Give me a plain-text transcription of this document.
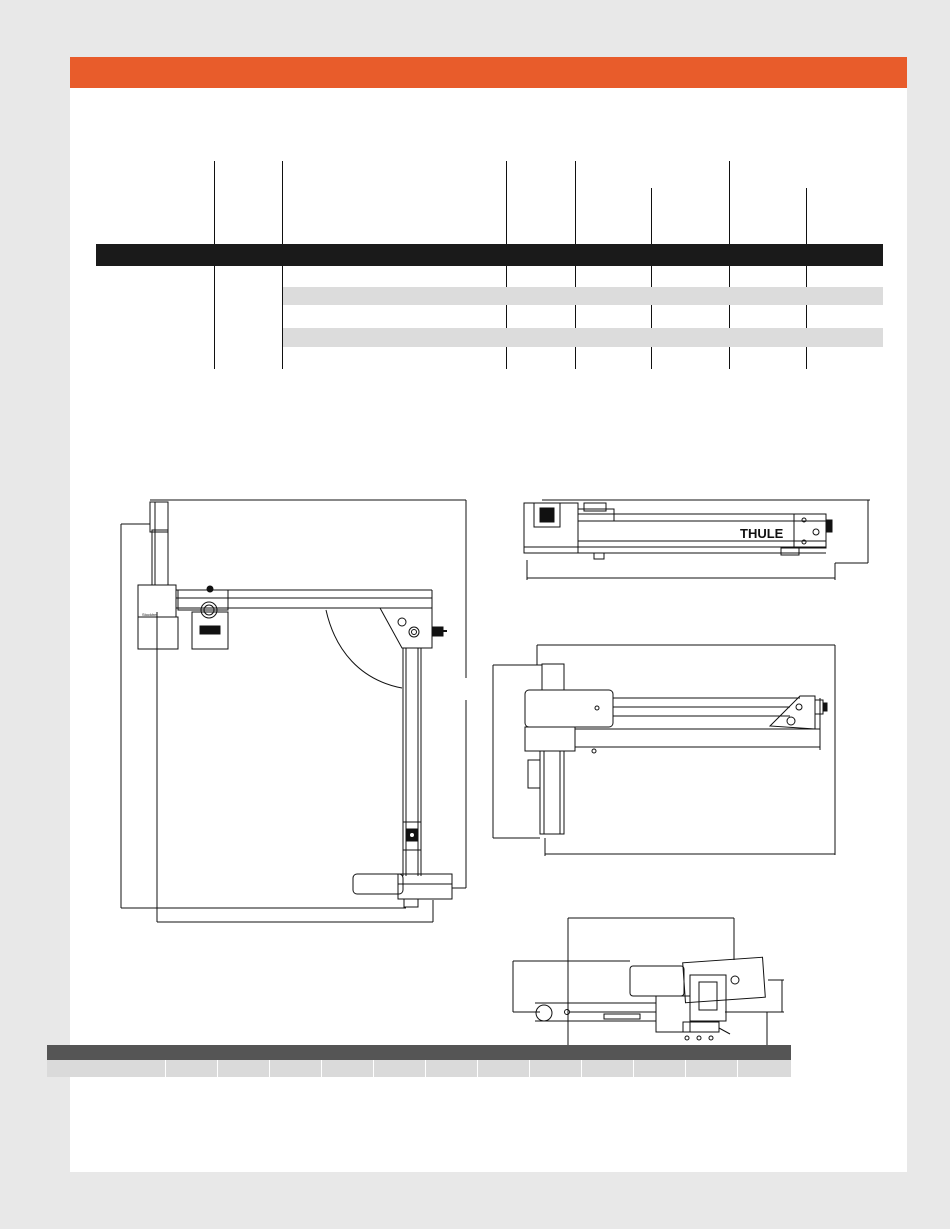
Stockhm
THULE
